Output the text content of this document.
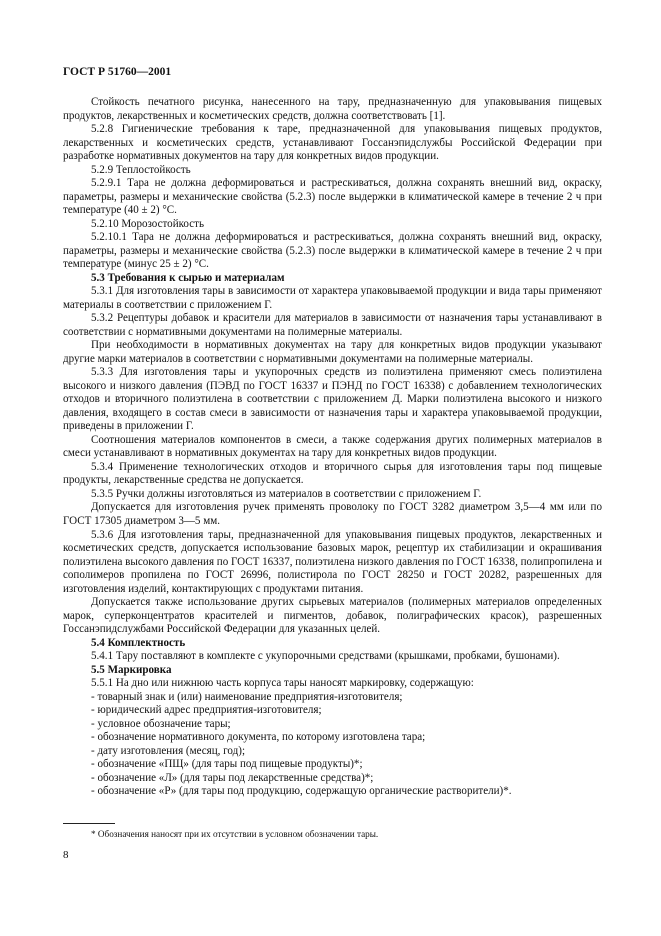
ГОСТ Р 51760—2001

Стойкость печатного рисунка, нанесенного на тару, предназначенную для упаковывания пищевых продуктов, лекарственных и косметических средств, должна соответствовать [1].

5.2.8 Гигиенические требования к таре, предназначенной для упаковывания пищевых продуктов, лекарственных и косметических средств, устанавливают Госсанэпидслужбы Российской Федерации при разработке нормативных документов на тару для конкретных видов продукции.

5.2.9 Теплостойкость

5.2.9.1 Тара не должна деформироваться и растрескиваться, должна сохранять внешний вид, окраску, параметры, размеры и механические свойства (5.2.3) после выдержки в климатической камере в течение 2 ч при температуре (40 ± 2) °С.

5.2.10 Морозостойкость

5.2.10.1 Тара не должна деформироваться и растрескиваться, должна сохранять внешний вид, окраску, параметры, размеры и механические свойства (5.2.3) после выдержки в климатической камере в течение 2 ч при температуре (минус 25 ± 2) °С.

5.3 Требования к сырью и материалам

5.3.1 Для изготовления тары в зависимости от характера упаковываемой продукции и вида тары применяют материалы в соответствии с приложением Г.

5.3.2 Рецептуры добавок и красители для материалов в зависимости от назначения тары устанавливают в соответствии с нормативными документами на полимерные материалы.

При необходимости в нормативных документах на тару для конкретных видов продукции указывают другие марки материалов в соответствии с нормативными документами на полимерные материалы.

5.3.3 Для изготовления тары и укупорочных средств из полиэтилена применяют смесь полиэтилена высокого и низкого давления (ПЭВД по ГОСТ 16337 и ПЭНД по ГОСТ 16338) с добавлением технологических отходов и вторичного полиэтилена в соответствии с приложением Д. Марки полиэтилена высокого и низкого давления, входящего в состав смеси в зависимости от назначения тары и характера упаковываемой продукции, приведены в приложении Г.

Соотношения материалов компонентов в смеси, а также содержания других полимерных материалов в смеси устанавливают в нормативных документах на тару для конкретных видов продукции.

5.3.4 Применение технологических отходов и вторичного сырья для изготовления тары под пищевые продукты, лекарственные средства не допускается.

5.3.5 Ручки должны изготовляться из материалов в соответствии с приложением Г.

Допускается для изготовления ручек применять проволоку по ГОСТ 3282 диаметром 3,5—4 мм или по ГОСТ 17305 диаметром 3—5 мм.

5.3.6 Для изготовления тары, предназначенной для упаковывания пищевых продуктов, лекарственных и косметических средств, допускается использование базовых марок, рецептур их стабилизации и окрашивания полиэтилена высокого давления по ГОСТ 16337, полиэтилена низкого давления по ГОСТ 16338, полипропилена и сополимеров пропилена по ГОСТ 26996, полистирола по ГОСТ 28250 и ГОСТ 20282, разрешенных для изготовления изделий, контактирующих с продуктами питания.

Допускается также использование других сырьевых материалов (полимерных материалов определенных марок, суперконцентратов красителей и пигментов, добавок, полиграфических красок), разрешенных Госсанэпидслужбами Российской Федерации для указанных целей.

5.4 Комплектность

5.4.1 Тару поставляют в комплекте с укупорочными средствами (крышками, пробками, бушонами).

5.5 Маркировка

5.5.1 На дно или нижнюю часть корпуса тары наносят маркировку, содержащую:

- товарный знак и (или) наименование предприятия-изготовителя;

- юридический адрес предприятия-изготовителя;

- условное обозначение тары;

- обозначение нормативного документа, по которому изготовлена тара;

- дату изготовления (месяц, год);

- обозначение «ПЩ» (для тары под пищевые продукты)*;

- обозначение «Л» (для тары под лекарственные средства)*;

- обозначение «Р» (для тары под продукцию, содержащую органические растворители)*.

* Обозначения наносят при их отсутствии в условном обозначении тары.
8
